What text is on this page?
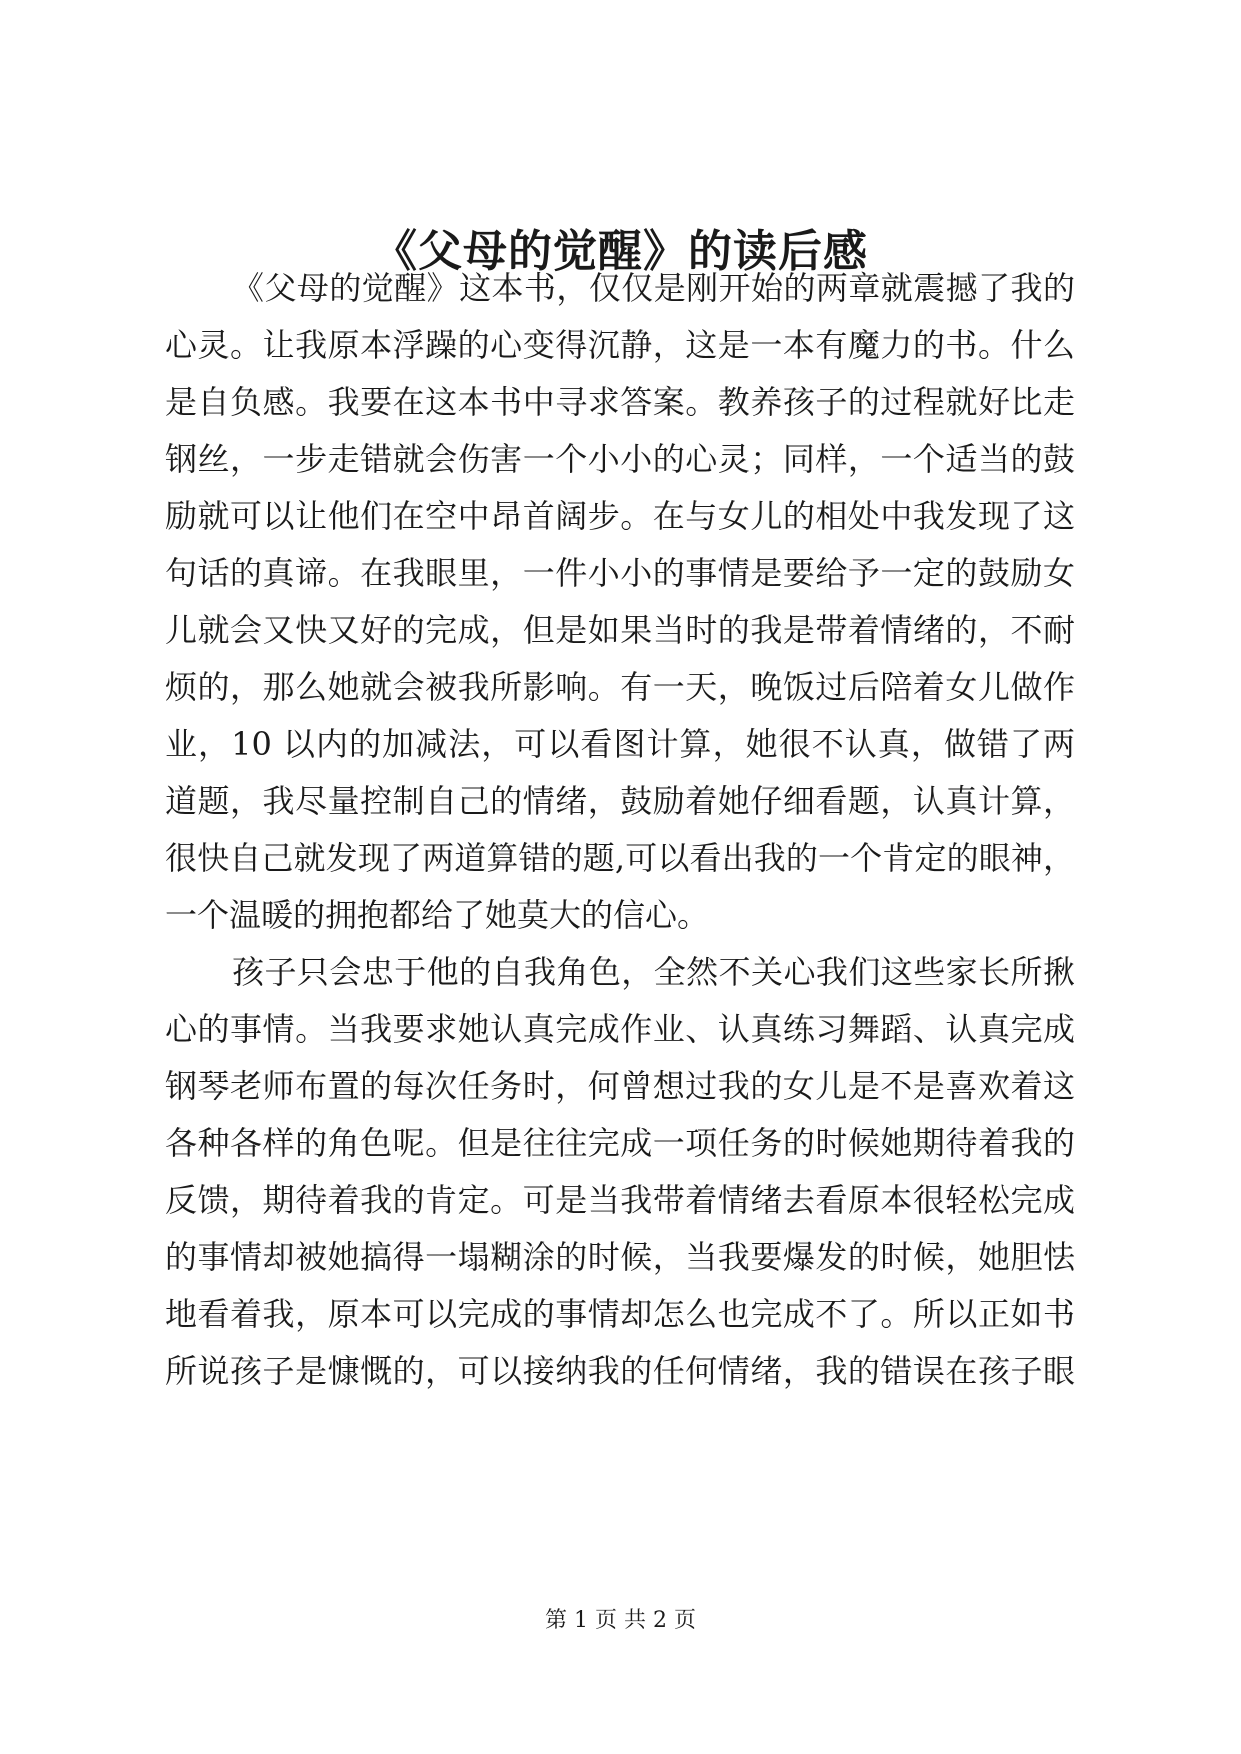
《父母的觉醒》的读后感

《父母的觉醒》这本书，仅仅是刚开始的两章就震撼了我的

心灵。让我原本浮躁的心变得沉静，这是一本有魔力的书。什么

是自负感。我要在这本书中寻求答案。教养孩子的过程就好比走

钢丝，一步走错就会伤害一个小小的心灵；同样，一个适当的鼓

励就可以让他们在空中昂首阔步。在与女儿的相处中我发现了这

句话的真谛。在我眼里，一件小小的事情是要给予一定的鼓励女

儿就会又快又好的完成，但是如果当时的我是带着情绪的，不耐

烦的，那么她就会被我所影响。有一天，晚饭过后陪着女儿做作

业，10 以内的加减法，可以看图计算，她很不认真，做错了两

道题，我尽量控制自己的情绪，鼓励着她仔细看题，认真计算，

很快自己就发现了两道算错的题,可以看出我的一个肯定的眼神，

一个温暖的拥抱都给了她莫大的信心。

孩子只会忠于他的自我角色，全然不关心我们这些家长所揪

心的事情。当我要求她认真完成作业、认真练习舞蹈、认真完成

钢琴老师布置的每次任务时，何曾想过我的女儿是不是喜欢着这

各种各样的角色呢。但是往往完成一项任务的时候她期待着我的

反馈，期待着我的肯定。可是当我带着情绪去看原本很轻松完成

的事情却被她搞得一塌糊涂的时候，当我要爆发的时候，她胆怯

地看着我，原本可以完成的事情却怎么也完成不了。所以正如书

所说孩子是慷慨的，可以接纳我的任何情绪，我的错误在孩子眼

第 1 页 共 2 页
